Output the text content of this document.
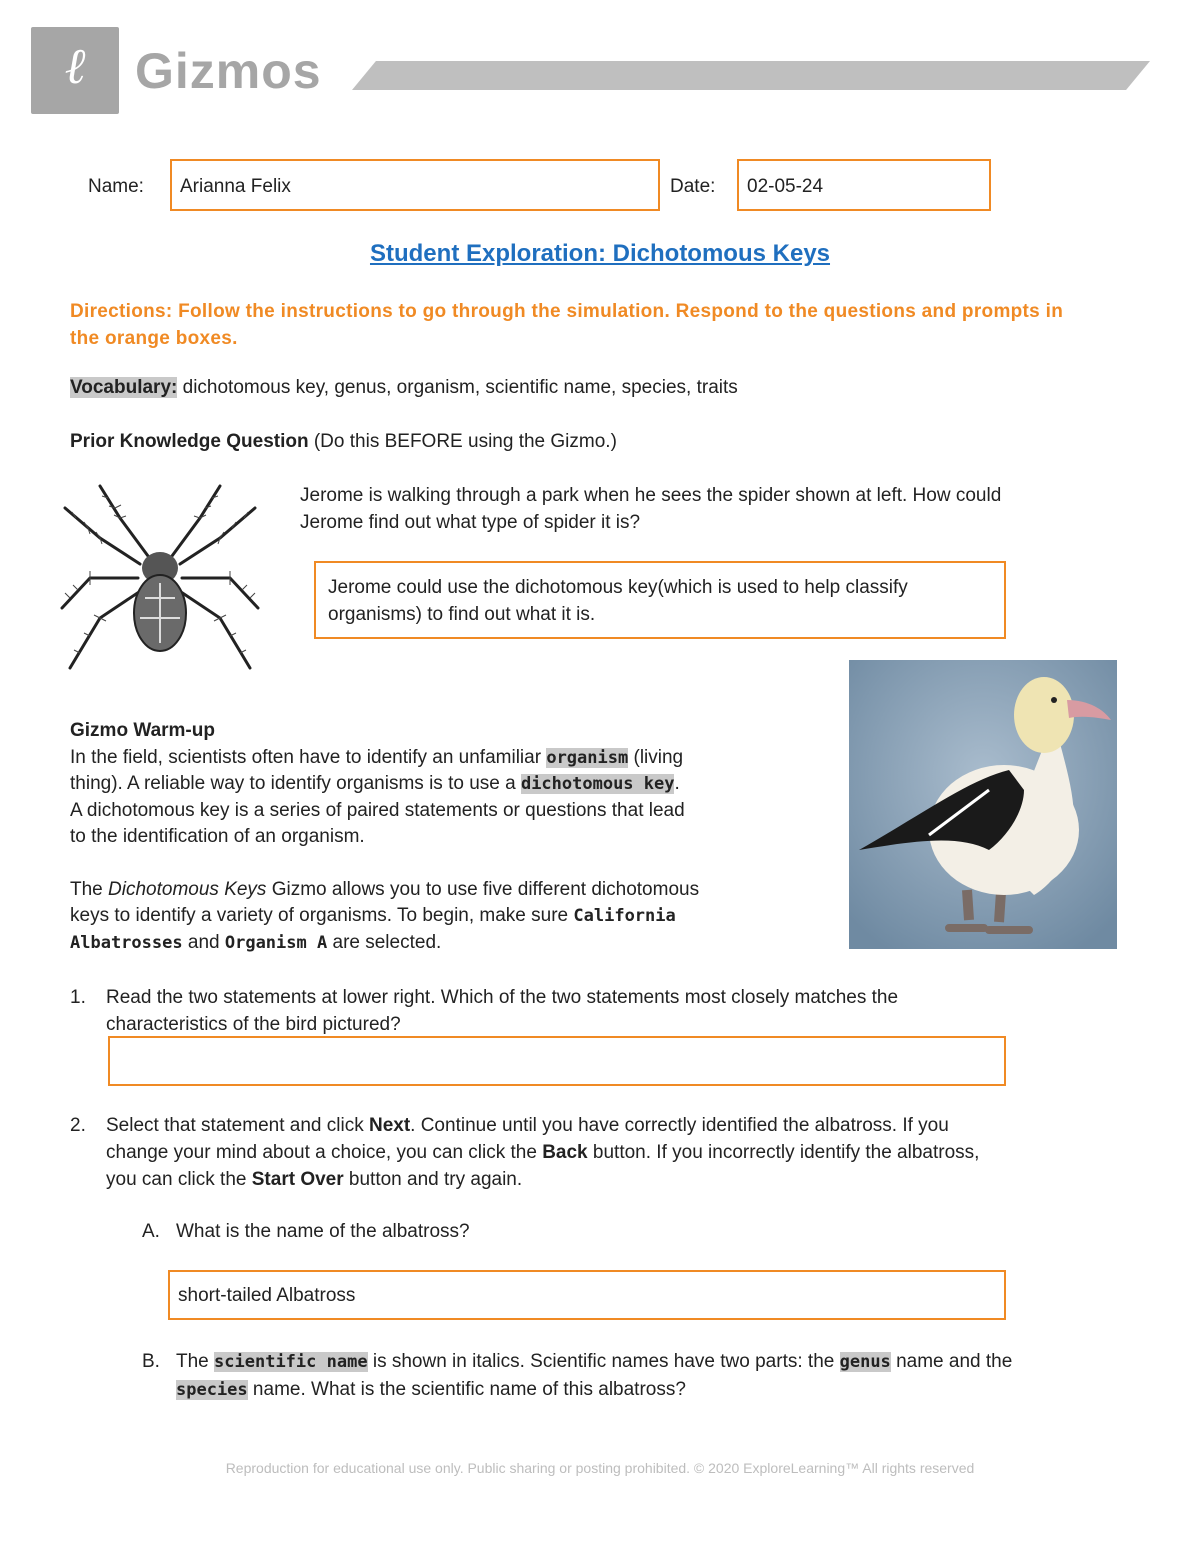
ℓ Gizmos
Name:	Arianna Felix	Date:	02-05-24
Student Exploration: Dichotomous Keys
Directions: Follow the instructions to go through the simulation. Respond to the questions and prompts in the orange boxes.
Vocabulary: dichotomous key, genus, organism, scientific name, species, traits
Prior Knowledge Question (Do this BEFORE using the Gizmo.)
Jerome is walking through a park when he sees the spider shown at left. How could
Jerome find out what type of spider it is?
Jerome could use the dichotomous key(which is used to help classify
organisms) to find out what it is.
Gizmo Warm-up
In the field, scientists often have to identify an unfamiliar organism (living
thing). A reliable way to identify organisms is to use a dichotomous key.
A dichotomous key is a series of paired statements or questions that lead
to the identification of an organism.
The Dichotomous Keys Gizmo allows you to use five different dichotomous
keys to identify a variety of organisms. To begin, make sure California
Albatrosses and Organism A are selected.
1. Read the two statements at lower right. Which of the two statements most closely matches the
characteristics of the bird pictured?
2. Select that statement and click Next. Continue until you have correctly identified the albatross. If you
change your mind about a choice, you can click the Back button. If you incorrectly identify the albatross,
you can click the Start Over button and try again.
A. What is the name of the albatross?
short-tailed Albatross
B. The scientific name is shown in italics. Scientific names have two parts: the genus name and the
species name. What is the scientific name of this albatross?
Reproduction for educational use only. Public sharing or posting prohibited. © 2020 ExploreLearning™ All rights reserved
